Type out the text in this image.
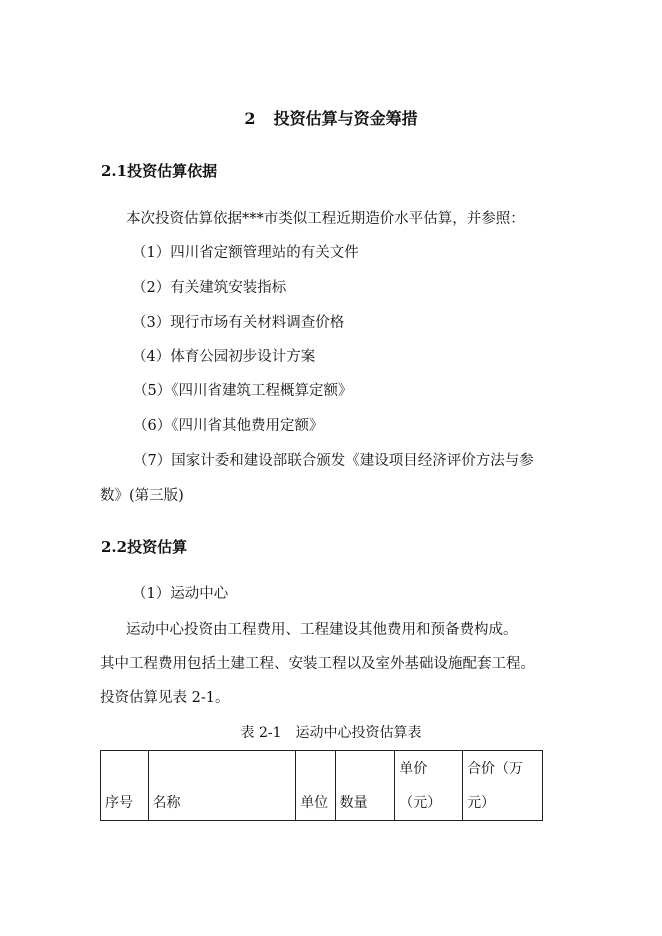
2 投资估算与资金筹措
2.1投资估算依据
本次投资估算依据***市类似工程近期造价水平估算，并参照：
（1）四川省定额管理站的有关文件
（2）有关建筑安装指标
（3）现行市场有关材料调查价格
（4）体育公园初步设计方案
（5）《四川省建筑工程概算定额》
（6）《四川省其他费用定额》
（7）国家计委和建设部联合颁发《建设项目经济评价方法与参
数》(第三版)
2.2投资估算
（1）运动中心
运动中心投资由工程费用、工程建设其他费用和预备费构成。
其中工程费用包括土建工程、安装工程以及室外基础设施配套工程。
投资估算见表 2-1。
表 2-1 运动中心投资估算表
序号	名称	单位	数量	单价（元）	合价（万元）
